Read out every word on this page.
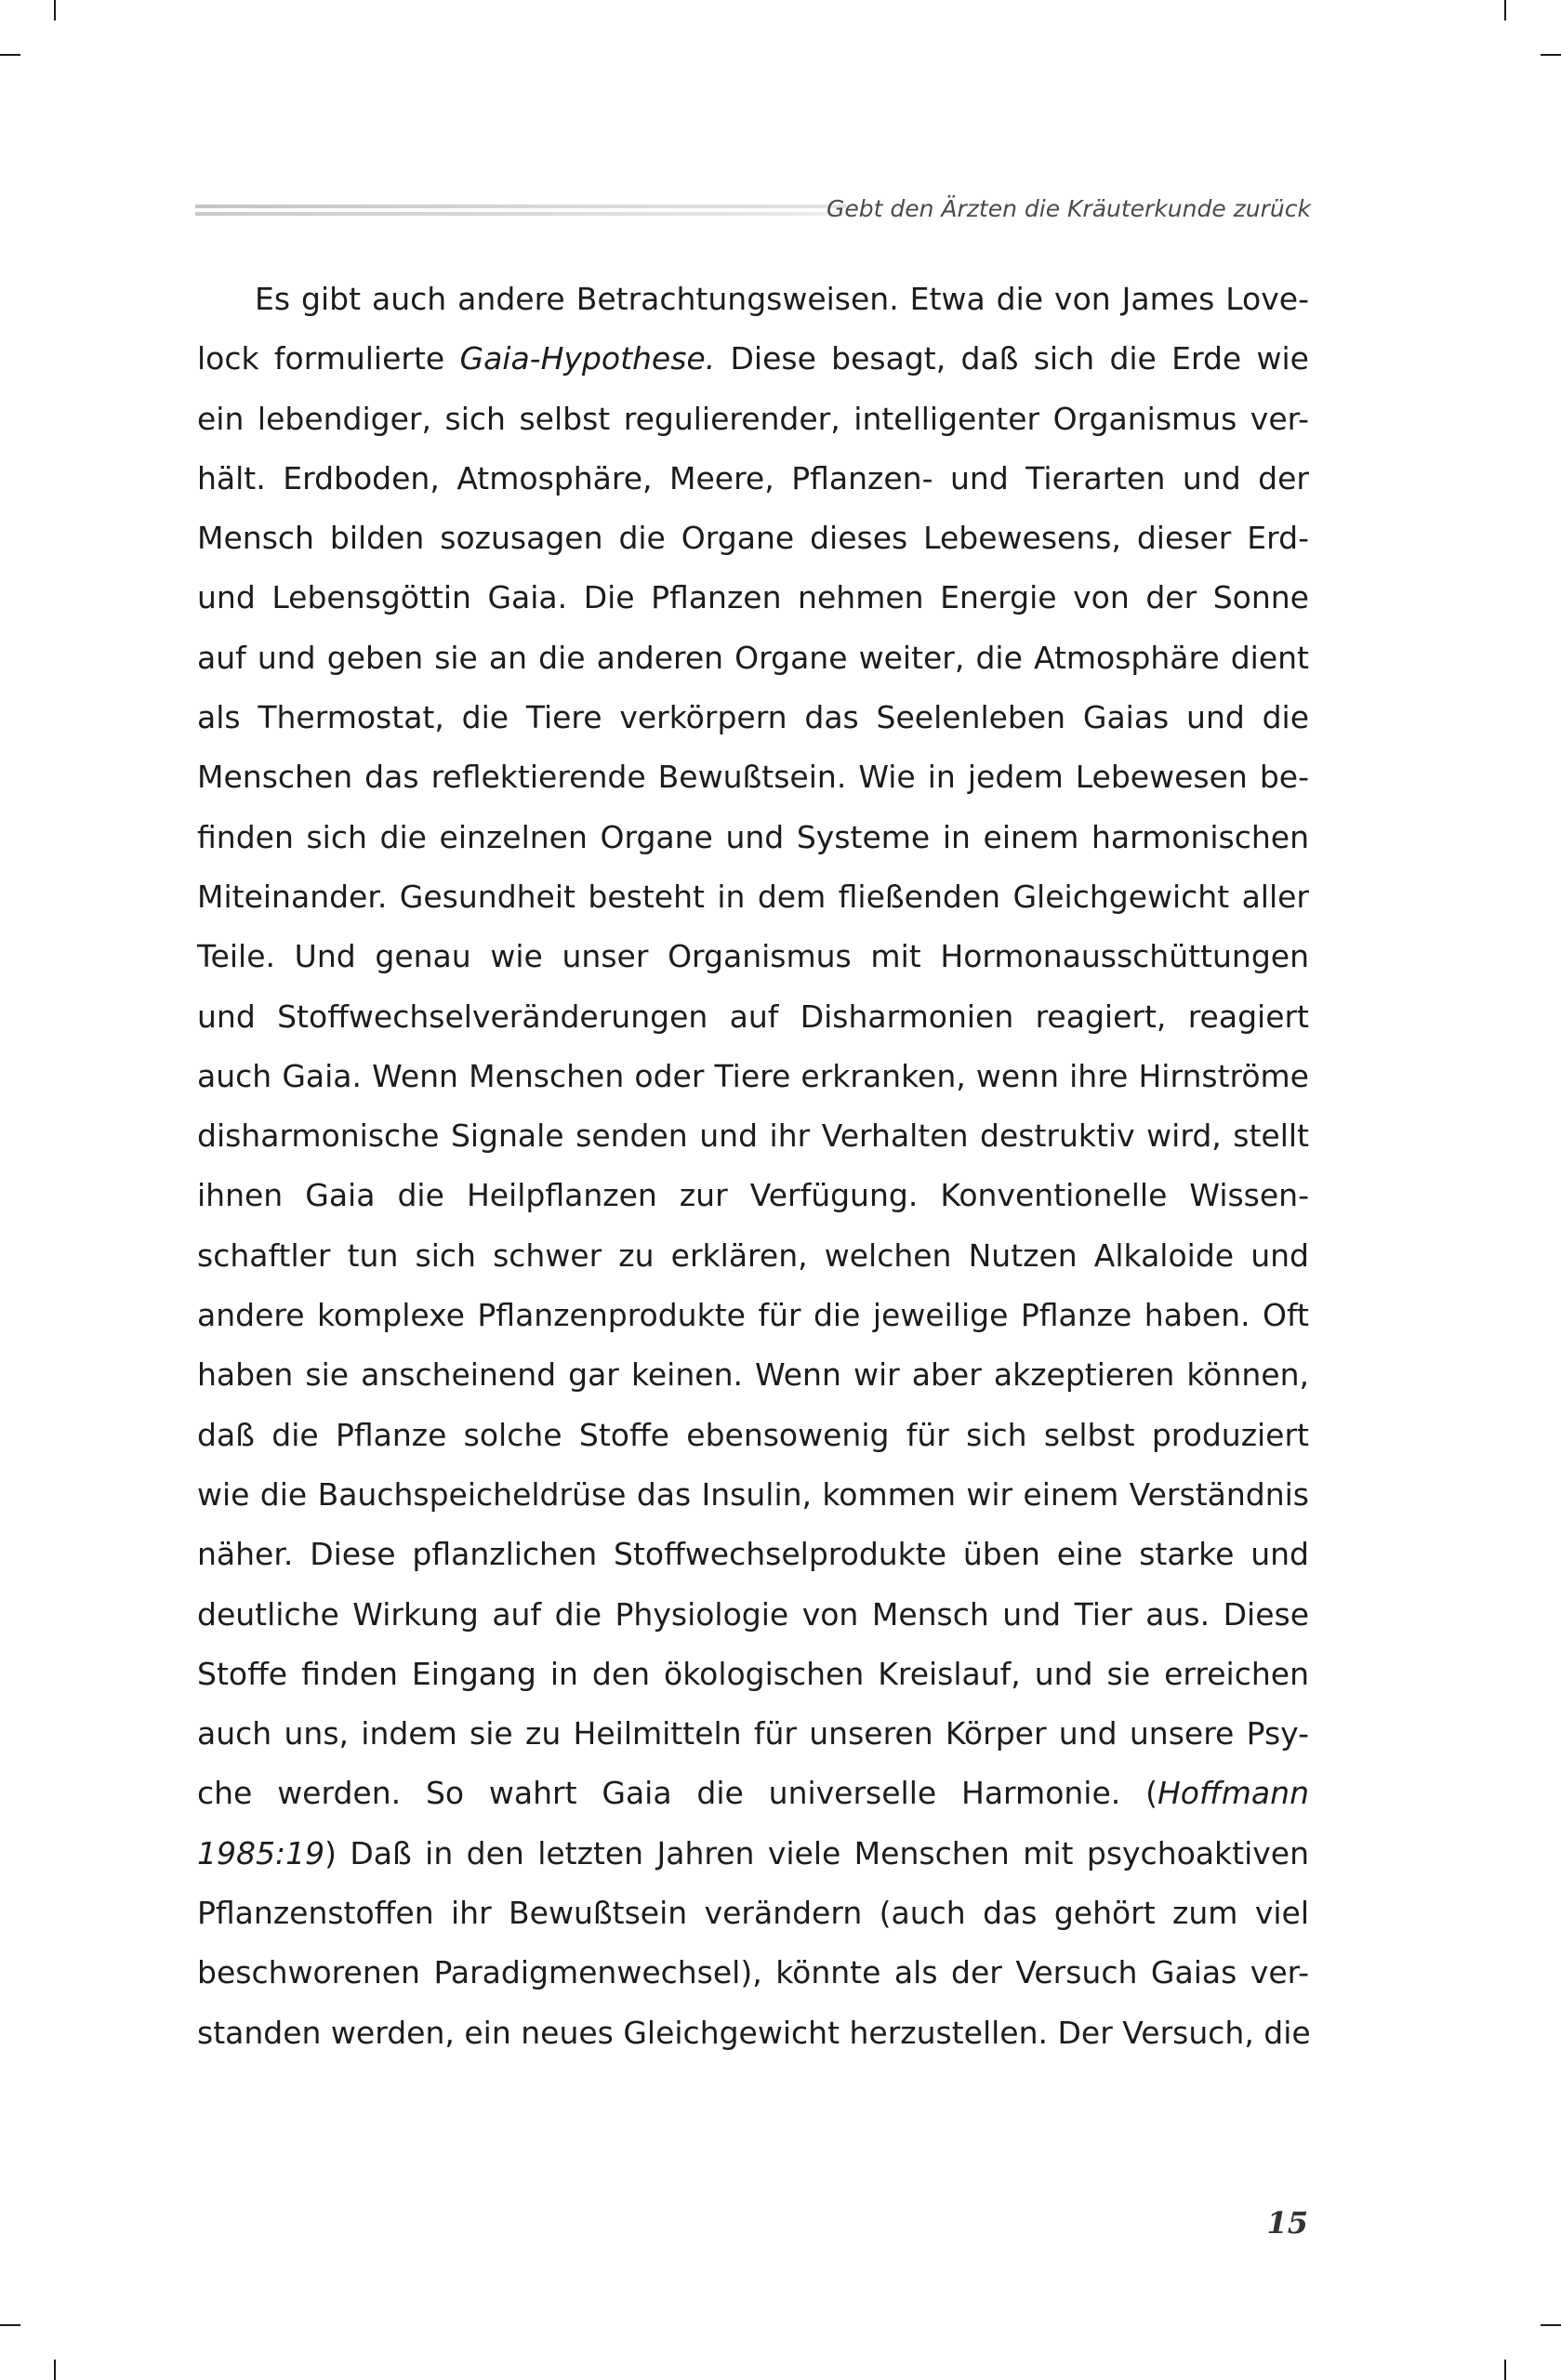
Gebt den Ärzten die Kräuterkunde zurück
Es gibt auch andere Betrachtungsweisen. Etwa die von James Love-
lock formulierte Gaia-Hypothese. Diese besagt, daß sich die Erde wie
ein lebendiger, sich selbst regulierender, intelligenter Organismus ver-
hält. Erdboden, Atmosphäre, Meere, Pflanzen- und Tierarten und der
Mensch bilden sozusagen die Organe dieses Lebewesens, dieser Erd-
und Lebensgöttin Gaia. Die Pflanzen nehmen Energie von der Sonne
auf und geben sie an die anderen Organe weiter, die Atmosphäre dient
als Thermostat, die Tiere verkörpern das Seelenleben Gaias und die
Menschen das reflektierende Bewußtsein. Wie in jedem Lebewesen be-
finden sich die einzelnen Organe und Systeme in einem harmonischen
Miteinander. Gesundheit besteht in dem fließenden Gleichgewicht aller
Teile. Und genau wie unser Organismus mit Hormonausschüttungen
und Stoffwechselveränderungen auf Disharmonien reagiert, reagiert
auch Gaia. Wenn Menschen oder Tiere erkranken, wenn ihre Hirnströme
disharmonische Signale senden und ihr Verhalten destruktiv wird, stellt
ihnen Gaia die Heilpflanzen zur Verfügung. Konventionelle Wissen-
schaftler tun sich schwer zu erklären, welchen Nutzen Alkaloide und
andere komplexe Pflanzenprodukte für die jeweilige Pflanze haben. Oft
haben sie anscheinend gar keinen. Wenn wir aber akzeptieren können,
daß die Pflanze solche Stoffe ebensowenig für sich selbst produziert
wie die Bauchspeicheldrüse das Insulin, kommen wir einem Verständnis
näher. Diese pflanzlichen Stoffwechselprodukte üben eine starke und
deutliche Wirkung auf die Physiologie von Mensch und Tier aus. Diese
Stoffe finden Eingang in den ökologischen Kreislauf, und sie erreichen
auch uns, indem sie zu Heilmitteln für unseren Körper und unsere Psy-
che werden. So wahrt Gaia die universelle Harmonie. (Hoffmann
1985:19) Daß in den letzten Jahren viele Menschen mit psychoaktiven
Pflanzenstoffen ihr Bewußtsein verändern (auch das gehört zum viel
beschworenen Paradigmenwechsel), könnte als der Versuch Gaias ver-
standen werden, ein neues Gleichgewicht herzustellen. Der Versuch, die
15
